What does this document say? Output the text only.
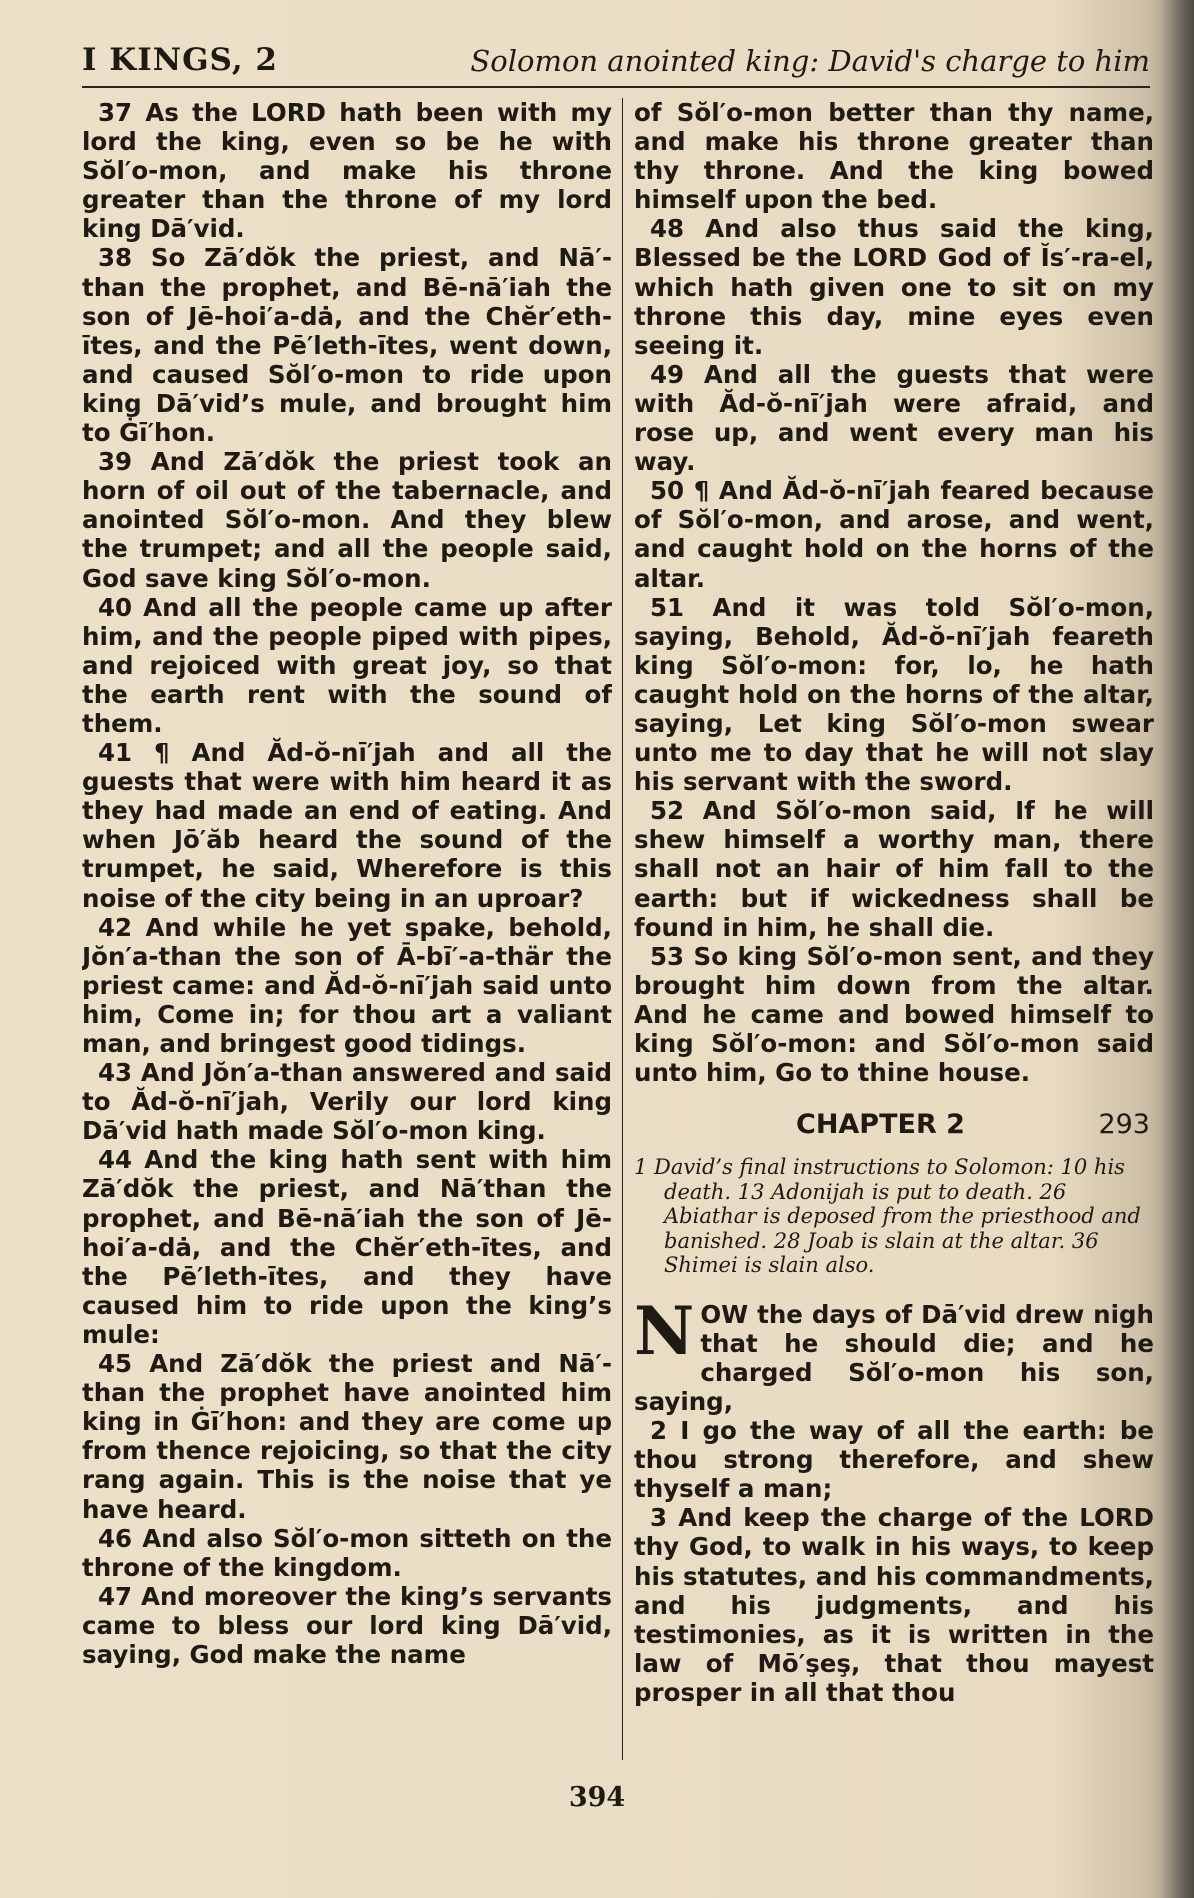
I KINGS, 2	Solomon anointed king: David's charge to him

37 As the LORD hath been with my lord the king, even so be he with Sŏl′o-mon, and make his throne greater than the throne of my lord king Dā′vid.

38 So Zā′dŏk the priest, and Nā′-than the prophet, and Bē-nā′iah the son of Jē-hoi′a-dȧ, and the Chĕr′eth-ītes, and the Pē′leth-ītes, went down, and caused Sŏl′o-mon to ride upon king Dā′vid’s mule, and brought him to Ġī′hon.

39 And Zā′dŏk the priest took an horn of oil out of the tabernacle, and anointed Sŏl′o-mon. And they blew the trumpet; and all the people said, God save king Sŏl′o-mon.

40 And all the people came up after him, and the people piped with pipes, and rejoiced with great joy, so that the earth rent with the sound of them.

41 ¶ And Ăd-ŏ-nī′jah and all the guests that were with him heard it as they had made an end of eating. And when Jō′ăb heard the sound of the trumpet, he said, Wherefore is this noise of the city being in an uproar?

42 And while he yet spake, behold, Jŏn′a-than the son of Ā-bī′-a-thär the priest came: and Ăd-ŏ-nī′jah said unto him, Come in; for thou art a valiant man, and bringest good tidings.

43 And Jŏn′a-than answered and said to Ăd-ŏ-nī′jah, Verily our lord king Dā′vid hath made Sŏl′o-mon king.

44 And the king hath sent with him Zā′dŏk the priest, and Nā′than the prophet, and Bē-nā′iah the son of Jē-hoi′a-dȧ, and the Chĕr′eth-ītes, and the Pē′leth-ītes, and they have caused him to ride upon the king’s mule:

45 And Zā′dŏk the priest and Nā′-than the prophet have anointed him king in Ġī′hon: and they are come up from thence rejoicing, so that the city rang again. This is the noise that ye have heard.

46 And also Sŏl′o-mon sitteth on the throne of the kingdom.

47 And moreover the king’s servants came to bless our lord king Dā′vid, saying, God make the name

of Sŏl′o-mon better than thy name, and make his throne greater than thy throne. And the king bowed himself upon the bed.

48 And also thus said the king, Blessed be the LORD God of Ĭs′-ra-el, which hath given one to sit on my throne this day, mine eyes even seeing it.

49 And all the guests that were with Ăd-ŏ-nī′jah were afraid, and rose up, and went every man his way.

50 ¶ And Ăd-ŏ-nī′jah feared because of Sŏl′o-mon, and arose, and went, and caught hold on the horns of the altar.

51 And it was told Sŏl′o-mon, saying, Behold, Ăd-ŏ-nī′jah feareth king Sŏl′o-mon: for, lo, he hath caught hold on the horns of the altar, saying, Let king Sŏl′o-mon swear unto me to day that he will not slay his servant with the sword.

52 And Sŏl′o-mon said, If he will shew himself a worthy man, there shall not an hair of him fall to the earth: but if wickedness shall be found in him, he shall die.

53 So king Sŏl′o-mon sent, and they brought him down from the altar. And he came and bowed himself to king Sŏl′o-mon: and Sŏl′o-mon said unto him, Go to thine house.

CHAPTER 2	293
1 David’s final instructions to Solomon: 10 his death. 13 Adonijah is put to death. 26 Abiathar is deposed from the priesthood and banished. 28 Joab is slain at the altar. 36 Shimei is slain also.

NOW the days of Dā′vid drew nigh that he should die; and he charged Sŏl′o-mon his son, saying,

2 I go the way of all the earth: be thou strong therefore, and shew thyself a man;

3 And keep the charge of the LORD thy God, to walk in his ways, to keep his statutes, and his commandments, and his judgments, and his testimonies, as it is written in the law of Mō′şeş, that thou mayest prosper in all that thou

394
